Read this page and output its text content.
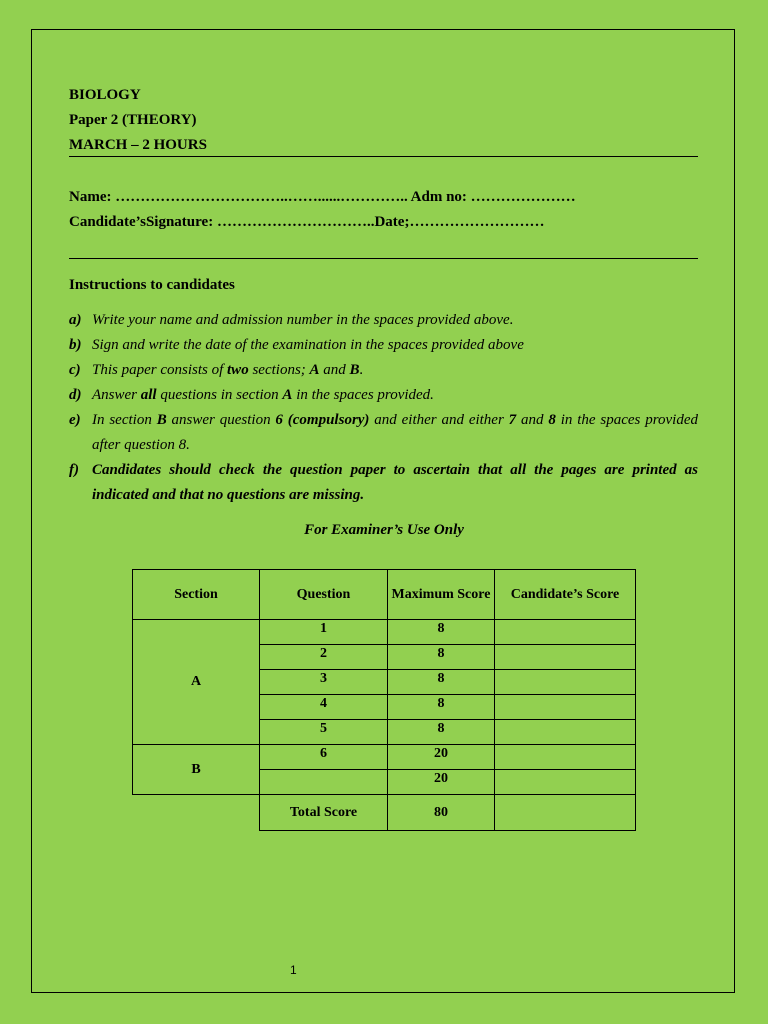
BIOLOGY
Paper 2 (THEORY)
MARCH – 2 HOURS
Name: ……………………………..……......………….. Adm no: …………………
Candidate’sSignature: …………………………..Date;………………………
Instructions to candidates
a) Write your name and admission number in the spaces provided above.
b) Sign and write the date of the examination in the spaces provided above
c) This paper consists of two sections; A and B.
d) Answer all questions in section A in the spaces provided.
e) In section B answer question 6 (compulsory) and either and either 7 and 8 in the spaces provided after question 8.
f) Candidates should check the question paper to ascertain that all the pages are printed as indicated and that no questions are missing.
For Examiner’s Use Only
Section	Question	Maximum Score	Candidate’s Score
A	1	8	
	2	8	
	3	8	
	4	8	
	5	8	
B	6	20	
		20	
	Total Score	80	
1
